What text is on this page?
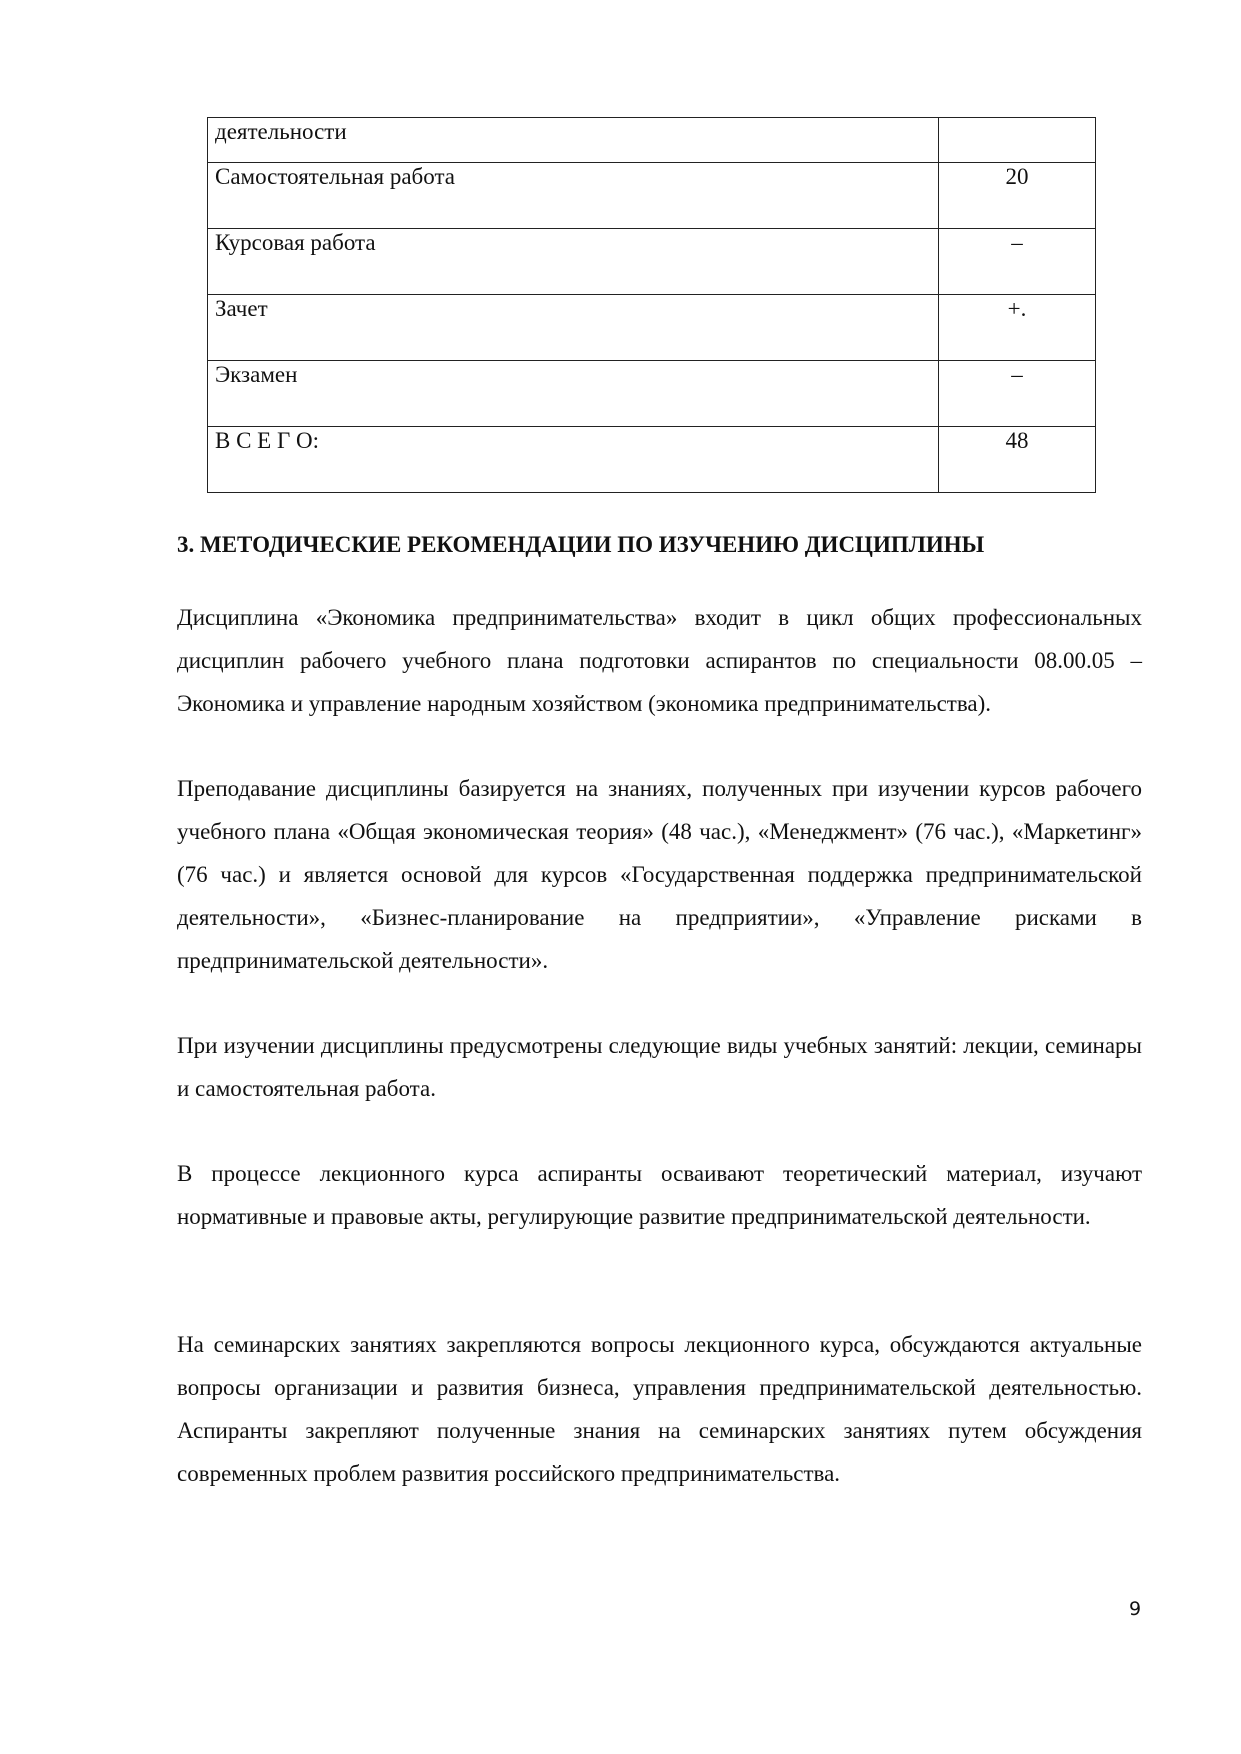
деятельности	
Самостоятельная работа	20
Курсовая работа	–
Зачет	+.
Экзамен	–
В С Е Г О:	48
3. МЕТОДИЧЕСКИЕ РЕКОМЕНДАЦИИ ПО ИЗУЧЕНИЮ ДИСЦИПЛИНЫ

Дисциплина «Экономика предпринимательства» входит в цикл общих профессиональных дисциплин рабочего учебного плана подготовки аспирантов по специальности 08.00.05 – Экономика и управление народным хозяйством (экономика предпринимательства).

Преподавание дисциплины базируется на знаниях, полученных при изучении курсов рабочего учебного плана «Общая экономическая теория» (48 час.), «Менеджмент» (76 час.), «Маркетинг» (76 час.) и является основой для курсов «Государственная поддержка предпринимательской деятельности», «Бизнес-планирование на предприятии», «Управление рисками в предпринимательской деятельности».

При изучении дисциплины предусмотрены следующие виды учебных занятий: лекции, семинары и самостоятельная работа.

В процессе лекционного курса аспиранты осваивают теоретический материал, изучают нормативные и правовые акты, регулирующие развитие предпринимательской деятельности.

На семинарских занятиях закрепляются вопросы лекционного курса, обсуждаются актуальные вопросы организации и развития бизнеса, управления предпринимательской деятельностью. Аспиранты закрепляют полученные знания на семинарских занятиях путем обсуждения современных проблем развития российского предпринимательства.

9
